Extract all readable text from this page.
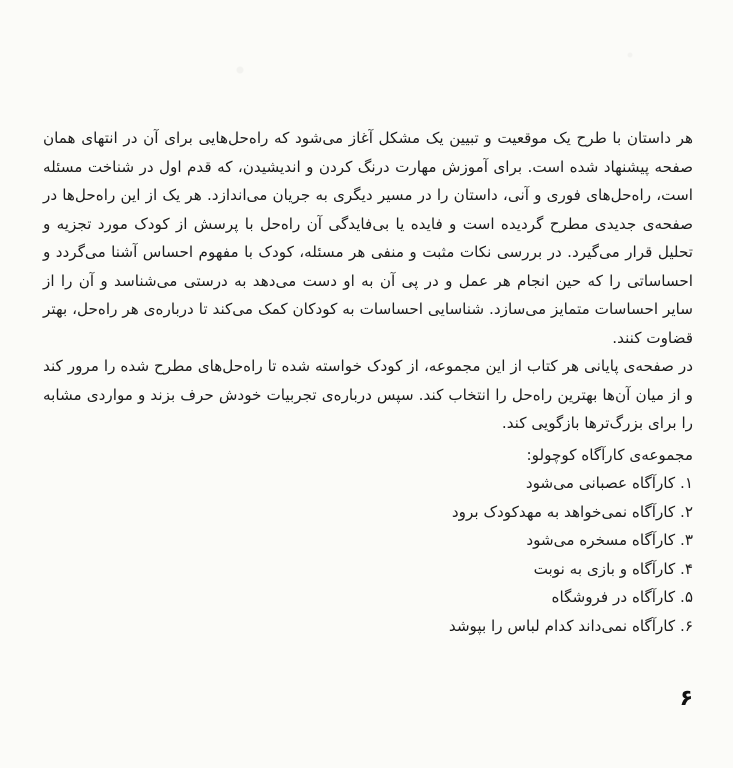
هر داستان با طرح یک موقعیت و تبیین یک مشکل آغاز می‌شود که راه‌حل‌هایی برای آن در انتهای همان صفحه پیشنهاد شده است. برای آموزش مهارت درنگ کردن و اندیشیدن، که قدم اول در شناخت مسئله است، راه‌حل‌های فوری و آنی، داستان را در مسیر دیگری به جریان می‌اندازد. هر یک از این راه‌حل‌ها در صفحه‌ی جدیدی مطرح گردیده است و فایده یا بی‌فایدگی آن راه‌حل با پرسش از کودک مورد تجزیه و تحلیل قرار می‌گیرد. در بررسی نکات مثبت و منفی هر مسئله، کودک با مفهوم احساس آشنا می‌گردد و احساساتی را که حین انجام هر عمل و در پی آن به او دست می‌دهد به درستی می‌شناسد و آن را از سایر احساسات متمایز می‌سازد. شناسایی احساسات به کودکان کمک می‌کند تا درباره‌ی هر راه‌حل، بهتر قضاوت کنند.

در صفحه‌ی پایانی هر کتاب از این مجموعه، از کودک خواسته شده تا راه‌حل‌های مطرح شده را مرور کند و از میان آن‌ها بهترین راه‌حل را انتخاب کند. سپس درباره‌ی تجربیات خودش حرف بزند و مواردی مشابه را برای بزرگ‌ترها بازگویی کند.

مجموعه‌ی کارآگاه کوچولو:
۱. کارآگاه عصبانی می‌شود
۲. کارآگاه نمی‌خواهد به مهدکودک برود
۳. کارآگاه مسخره می‌شود
۴. کارآگاه و بازی به نوبت
۵. کارآگاه در فروشگاه
۶. کارآگاه نمی‌داند کدام لباس را بپوشد
۶
